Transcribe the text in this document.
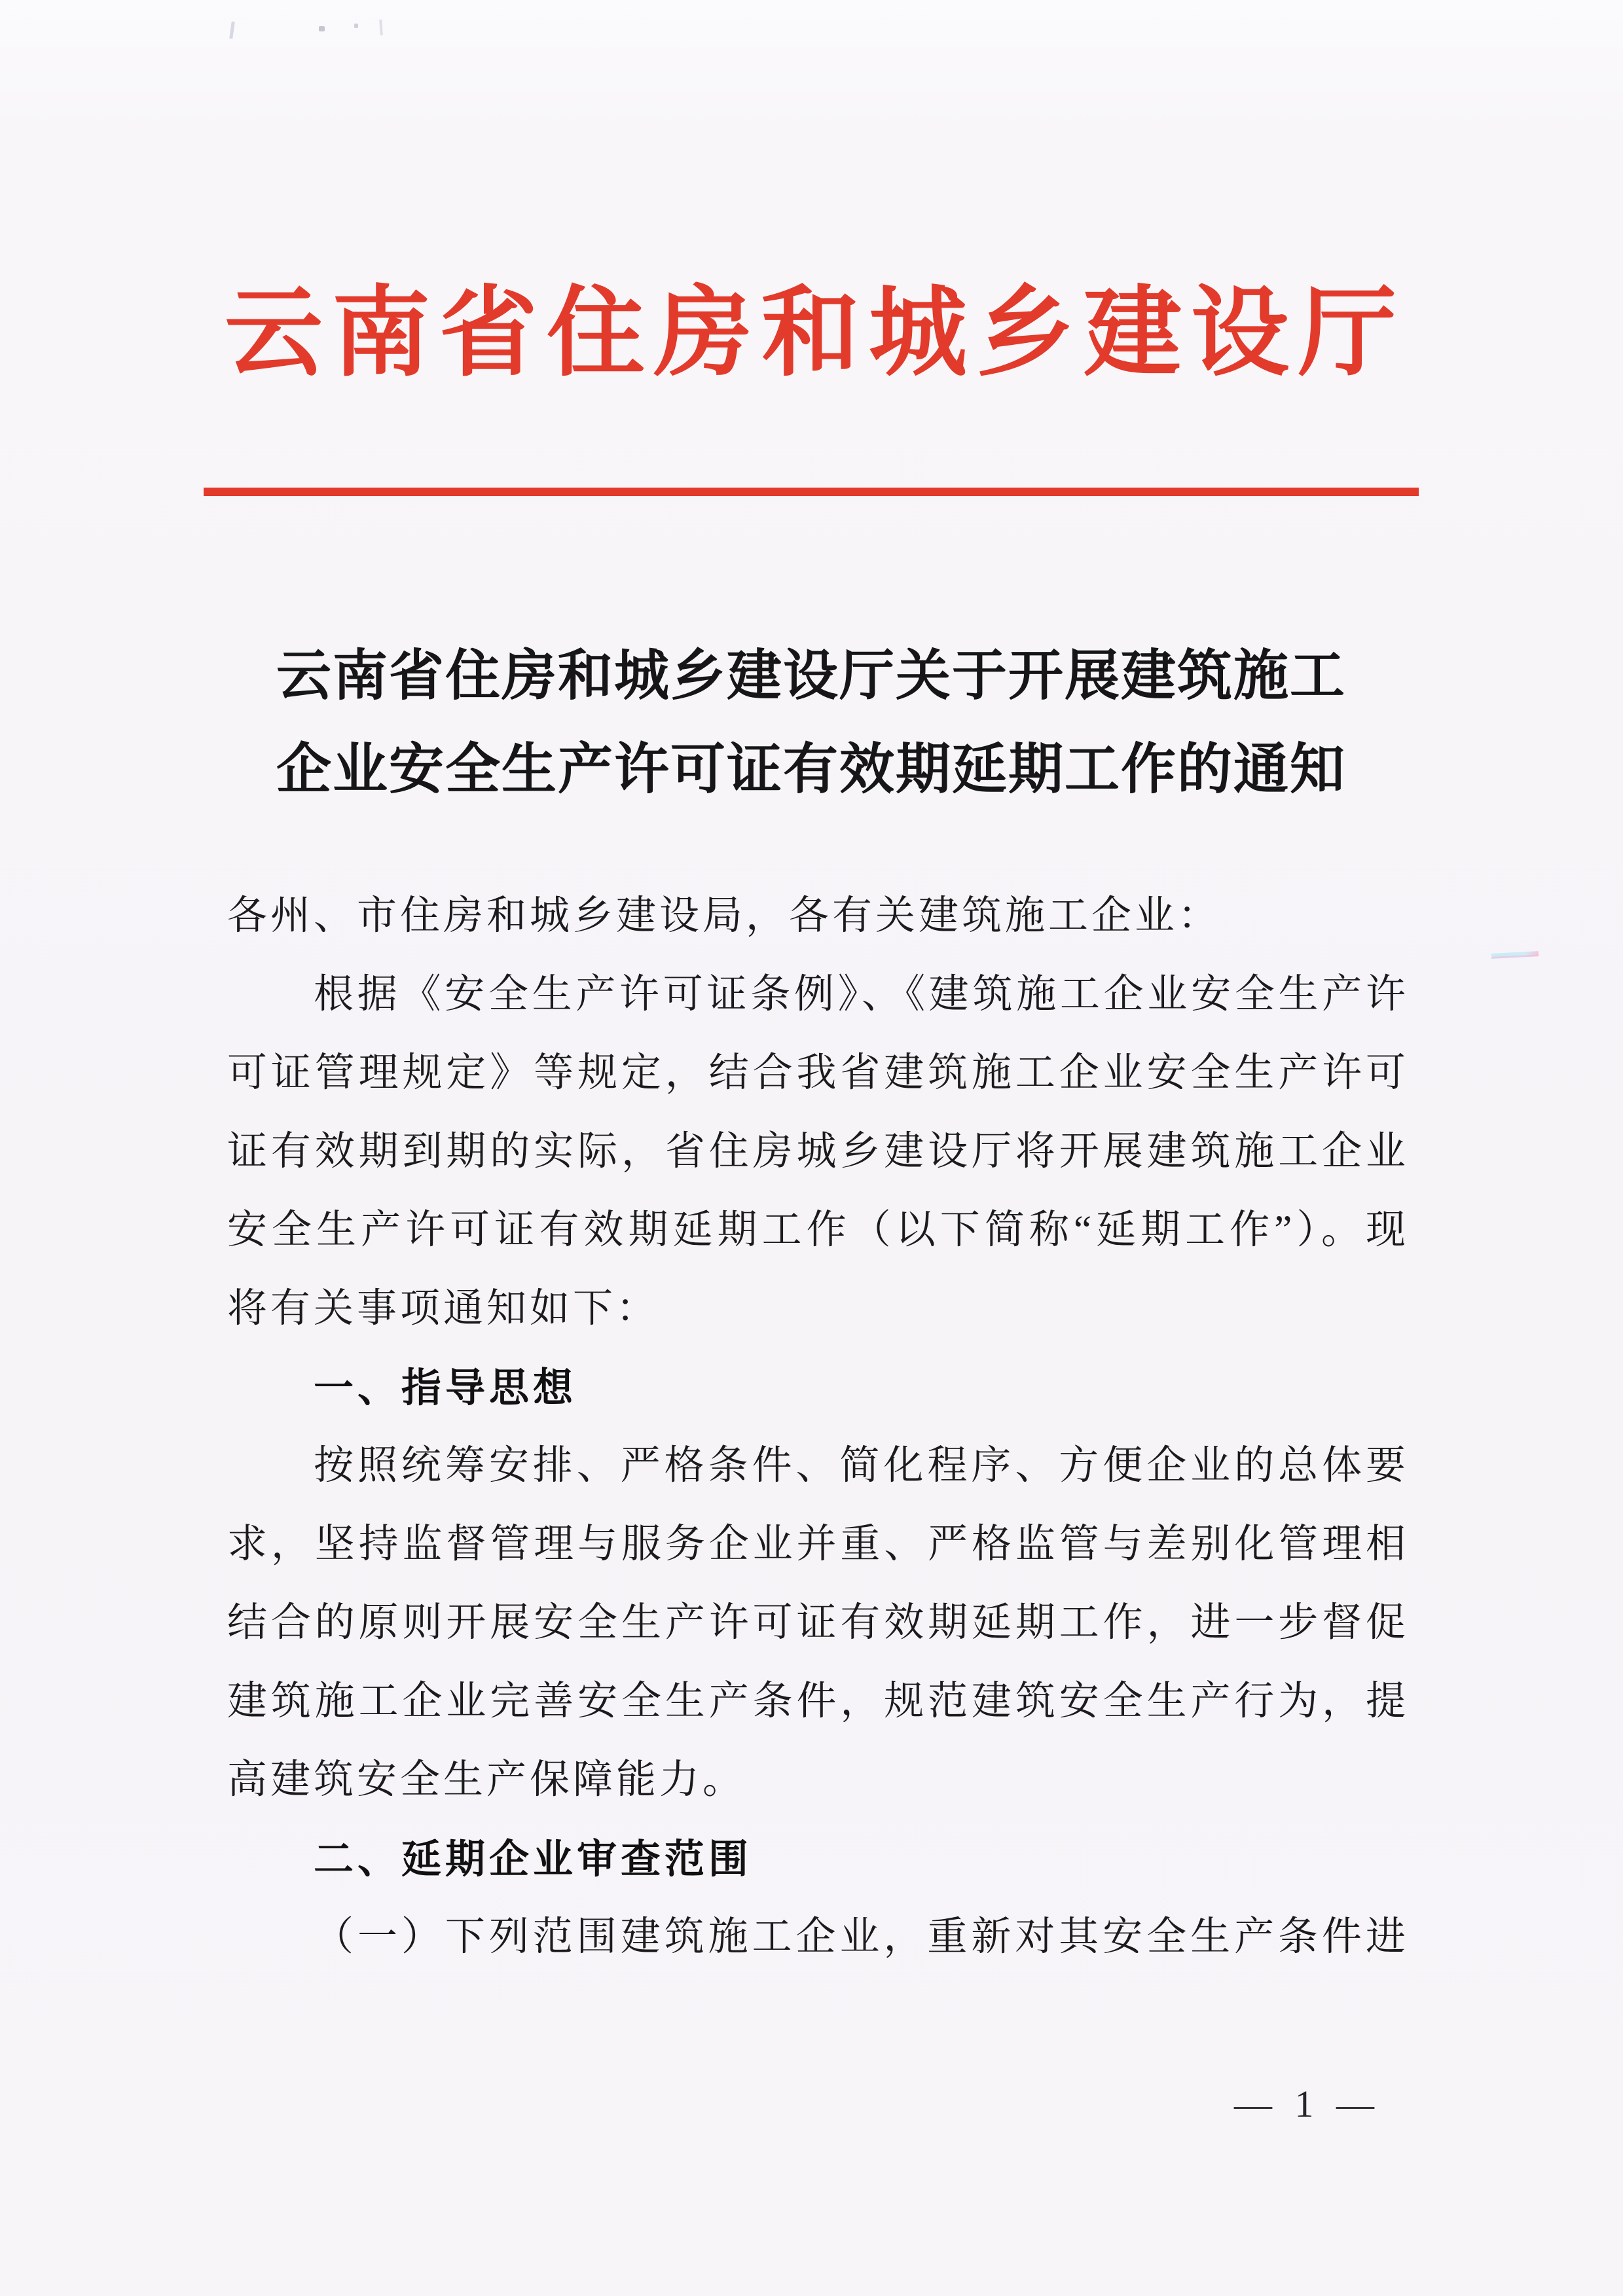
云南省住房和城乡建设厅
云南省住房和城乡建设厅关于开展建筑施工
企业安全生产许可证有效期延期工作的通知
各州、市住房和城乡建设局，各有关建筑施工企业：
根据《安全生产许可证条例》、《建筑施工企业安全生产许
可证管理规定》等规定，结合我省建筑施工企业安全生产许可
证有效期到期的实际，省住房城乡建设厅将开展建筑施工企业
安全生产许可证有效期延期工作（以下简称“延期工作”）。现
将有关事项通知如下：
一、指导思想
按照统筹安排、严格条件、简化程序、方便企业的总体要
求，坚持监督管理与服务企业并重、严格监管与差别化管理相
结合的原则开展安全生产许可证有效期延期工作，进一步督促
建筑施工企业完善安全生产条件，规范建筑安全生产行为，提
高建筑安全生产保障能力。
二、延期企业审查范围
（一）下列范围建筑施工企业，重新对其安全生产条件进
— 1 —
